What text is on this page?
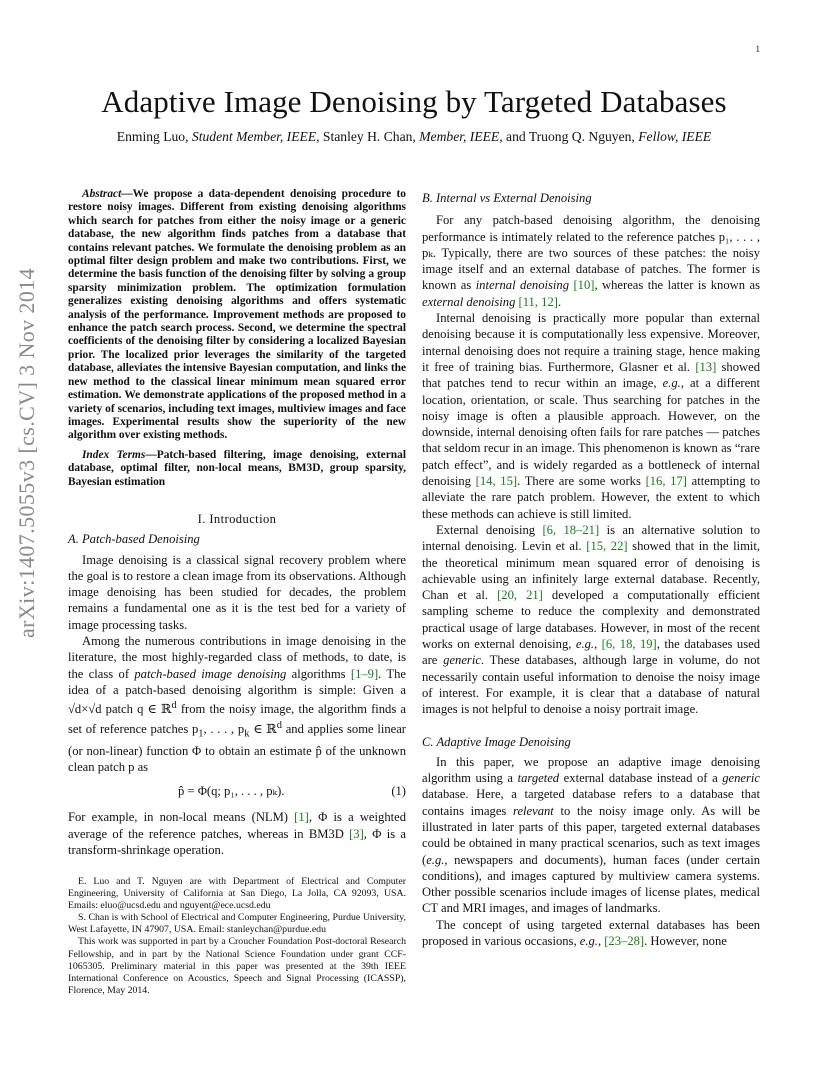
1
Adaptive Image Denoising by Targeted Databases
Enming Luo, Student Member, IEEE, Stanley H. Chan, Member, IEEE, and Truong Q. Nguyen, Fellow, IEEE
arXiv:1407.5055v3 [cs.CV] 3 Nov 2014

Abstract—We propose a data-dependent denoising procedure to restore noisy images. Different from existing denoising algorithms which search for patches from either the noisy image or a generic database, the new algorithm finds patches from a database that contains relevant patches. We formulate the denoising problem as an optimal filter design problem and make two contributions. First, we determine the basis function of the denoising filter by solving a group sparsity minimization problem. The optimization formulation generalizes existing denoising algorithms and offers systematic analysis of the performance. Improvement methods are proposed to enhance the patch search process. Second, we determine the spectral coefficients of the denoising filter by considering a localized Bayesian prior. The localized prior leverages the similarity of the targeted database, alleviates the intensive Bayesian computation, and links the new method to the classical linear minimum mean squared error estimation. We demonstrate applications of the proposed method in a variety of scenarios, including text images, multiview images and face images. Experimental results show the superiority of the new algorithm over existing methods.

Index Terms—Patch-based filtering, image denoising, external database, optimal filter, non-local means, BM3D, group sparsity, Bayesian estimation

I. Introduction

A. Patch-based Denoising

Image denoising is a classical signal recovery problem where the goal is to restore a clean image from its observations. Although image denoising has been studied for decades, the problem remains a fundamental one as it is the test bed for a variety of image processing tasks.

Among the numerous contributions in image denoising in the literature, the most highly-regarded class of methods, to date, is the class of patch-based image denoising algorithms [1–9]. The idea of a patch-based denoising algorithm is simple: Given a √d×√d patch q ∈ ℝ$^d$ from the noisy image, the algorithm finds a set of reference patches $p_1$, . . . , $p_k$ ∈ ℝ$^d$ and applies some linear (or non-linear) function Φ to obtain an estimate p̂ of the unknown clean patch p as

p̂ = Φ(q; p₁, . . . , pₖ).	(1)

For example, in non-local means (NLM) [1], Φ is a weighted average of the reference patches, whereas in BM3D [3], Φ is a transform-shrinkage operation.

E. Luo and T. Nguyen are with Department of Electrical and Computer Engineering, University of California at San Diego, La Jolla, CA 92093, USA. Emails: eluo@ucsd.edu and nguyent@ece.ucsd.edu

S. Chan is with School of Electrical and Computer Engineering, Purdue University, West Lafayette, IN 47907, USA. Email: stanleychan@purdue.edu

This work was supported in part by a Croucher Foundation Post-doctoral Research Fellowship, and in part by the National Science Foundation under grant CCF-1065305. Preliminary material in this paper was presented at the 39th IEEE International Conference on Acoustics, Speech and Signal Processing (ICASSP), Florence, May 2014.

B. Internal vs External Denoising

For any patch-based denoising algorithm, the denoising performance is intimately related to the reference patches p₁, . . . , pₖ. Typically, there are two sources of these patches: the noisy image itself and an external database of patches. The former is known as internal denoising [10], whereas the latter is known as external denoising [11, 12].

Internal denoising is practically more popular than external denoising because it is computationally less expensive. Moreover, internal denoising does not require a training stage, hence making it free of training bias. Furthermore, Glasner et al. [13] showed that patches tend to recur within an image, e.g., at a different location, orientation, or scale. Thus searching for patches in the noisy image is often a plausible approach. However, on the downside, internal denoising often fails for rare patches — patches that seldom recur in an image. This phenomenon is known as “rare patch effect”, and is widely regarded as a bottleneck of internal denoising [14, 15]. There are some works [16, 17] attempting to alleviate the rare patch problem. However, the extent to which these methods can achieve is still limited.

External denoising [6, 18–21] is an alternative solution to internal denoising. Levin et al. [15, 22] showed that in the limit, the theoretical minimum mean squared error of denoising is achievable using an infinitely large external database. Recently, Chan et al. [20, 21] developed a computationally efficient sampling scheme to reduce the complexity and demonstrated practical usage of large databases. However, in most of the recent works on external denoising, e.g., [6, 18, 19], the databases used are generic. These databases, although large in volume, do not necessarily contain useful information to denoise the noisy image of interest. For example, it is clear that a database of natural images is not helpful to denoise a noisy portrait image.

C. Adaptive Image Denoising

In this paper, we propose an adaptive image denoising algorithm using a targeted external database instead of a generic database. Here, a targeted database refers to a database that contains images relevant to the noisy image only. As will be illustrated in later parts of this paper, targeted external databases could be obtained in many practical scenarios, such as text images (e.g., newspapers and documents), human faces (under certain conditions), and images captured by multiview camera systems. Other possible scenarios include images of license plates, medical CT and MRI images, and images of landmarks.

The concept of using targeted external databases has been proposed in various occasions, e.g., [23–28]. However, none
